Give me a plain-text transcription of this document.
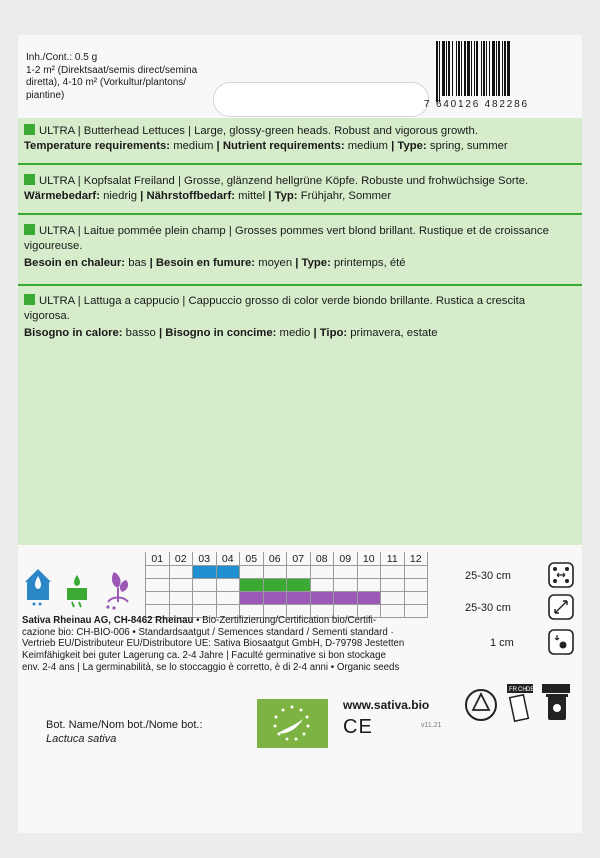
Inh./Cont.: 0.5 g
1-2 m² (Direktsaat/semis direct/semina
diretta), 4-10 m² (Vorkultur/plantons/
piantine)
7 640126 482286
ULTRA | Butterhead Lettuces | Large, glossy-green heads. Robust and vigorous growth.
Temperature requirements: medium | Nutrient requirements: medium | Type: spring, summer
ULTRA | Kopfsalat Freiland | Grosse, glänzend hellgrüne Köpfe. Robuste und frohwüchsige Sorte.
Wärmebedarf: niedrig | Nährstoffbedarf: mittel | Typ: Frühjahr, Sommer
ULTRA | Laitue pommée plein champ | Grosses pommes vert blond brillant. Rustique et de croissance vigoureuse.
Besoin en chaleur: bas | Besoin en fumure: moyen | Type: printemps, été
ULTRA | Lattuga a cappucio | Cappuccio grosso di color verde biondo brillante. Rustica a crescita vigorosa.
Bisogno in calore: basso | Bisogno in concime: medio | Tipo: primavera, estate
01	02	03	04	05	06	07	08	09	10	11	12

25-30 cm
25-30 cm
1 cm
Sativa Rheinau AG, CH-8462 Rheinau • Bio-Zertifizierung/Certification bio/Certifi-
cazione bio: CH-BIO-006 • Standardsaatgut / Semences standard / Sementi standard ·
Vertrieb EU/Distributeur EU/Distributore UE: Sativa Biosaatgut GmbH, D-79798 Jestetten
Keimfähigkeit bei guter Lagerung ca. 2-4 Jahre | Faculté germinative si bon stockage
env. 2-4 ans | La germinabilità, se lo stoccaggio è corretto, è di 2-4 anni • Organic seeds
FR CH DE
www.sativa.bio
CE	v11.21
Bot. Name/Nom bot./Nome bot.:
Lactuca sativa
